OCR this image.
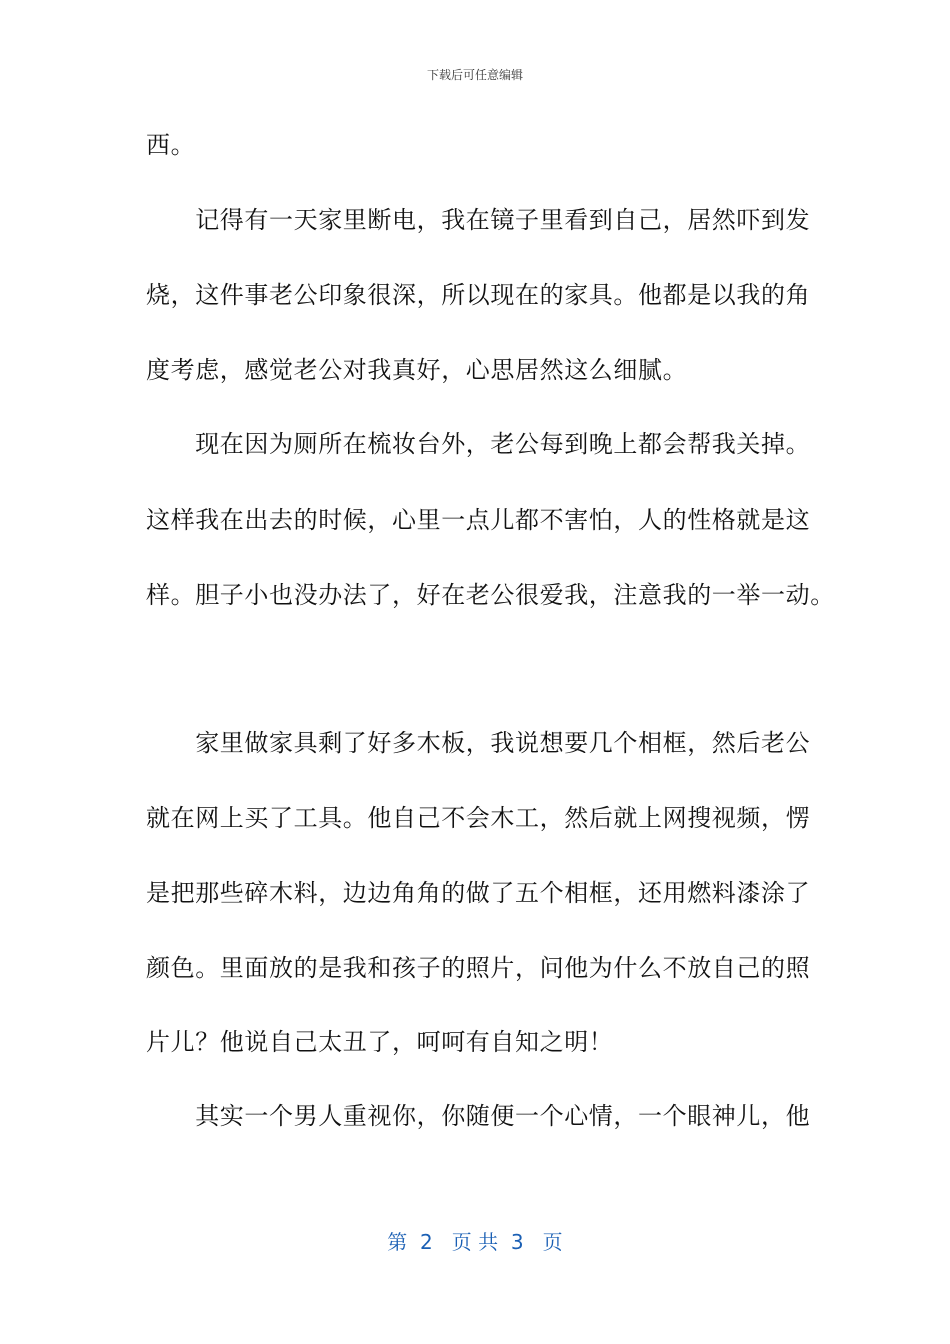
下载后可任意编辑
西。
　　记得有一天家里断电，我在镜子里看到自己，居然吓到发
烧，这件事老公印象很深，所以现在的家具。他都是以我的角
度考虑，感觉老公对我真好，心思居然这么细腻。
　　现在因为厕所在梳妆台外，老公每到晚上都会帮我关掉。
这样我在出去的时候，心里一点儿都不害怕，人的性格就是这
样。胆子小也没办法了，好在老公很爱我，注意我的一举一动。
　　家里做家具剩了好多木板，我说想要几个相框，然后老公
就在网上买了工具。他自己不会木工，然后就上网搜视频，愣
是把那些碎木料，边边角角的做了五个相框，还用燃料漆涂了
颜色。里面放的是我和孩子的照片，问他为什么不放自己的照
片儿？他说自己太丑了，呵呵有自知之明！
　　其实一个男人重视你，你随便一个心情，一个眼神儿，他
第  2   页 共  3   页
